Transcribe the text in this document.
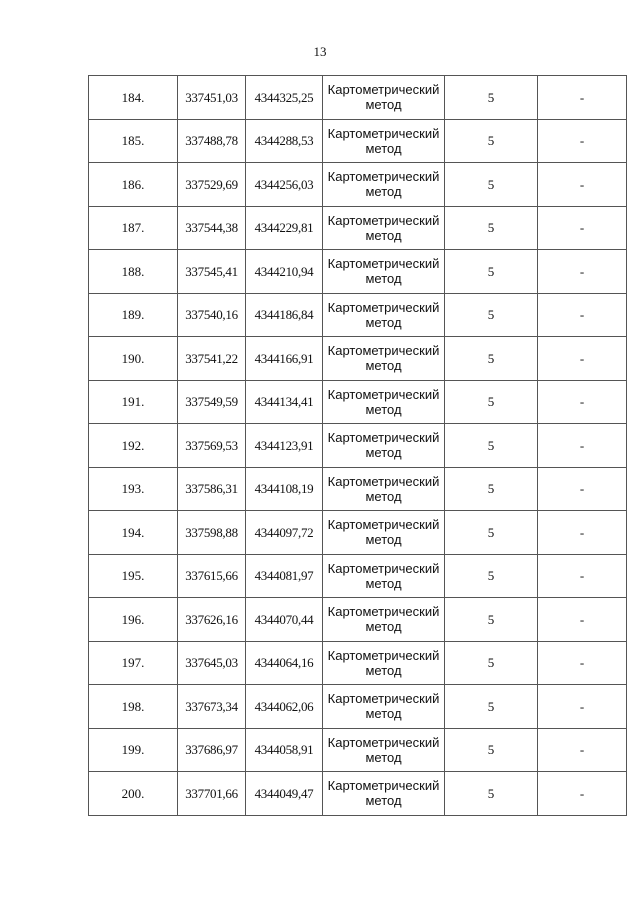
13
184.	337451,03	4344325,25	Картометрический
метод	5	-
185.	337488,78	4344288,53	Картометрический
метод	5	-
186.	337529,69	4344256,03	Картометрический
метод	5	-
187.	337544,38	4344229,81	Картометрический
метод	5	-
188.	337545,41	4344210,94	Картометрический
метод	5	-
189.	337540,16	4344186,84	Картометрический
метод	5	-
190.	337541,22	4344166,91	Картометрический
метод	5	-
191.	337549,59	4344134,41	Картометрический
метод	5	-
192.	337569,53	4344123,91	Картометрический
метод	5	-
193.	337586,31	4344108,19	Картометрический
метод	5	-
194.	337598,88	4344097,72	Картометрический
метод	5	-
195.	337615,66	4344081,97	Картометрический
метод	5	-
196.	337626,16	4344070,44	Картометрический
метод	5	-
197.	337645,03	4344064,16	Картометрический
метод	5	-
198.	337673,34	4344062,06	Картометрический
метод	5	-
199.	337686,97	4344058,91	Картометрический
метод	5	-
200.	337701,66	4344049,47	Картометрический
метод	5	-
